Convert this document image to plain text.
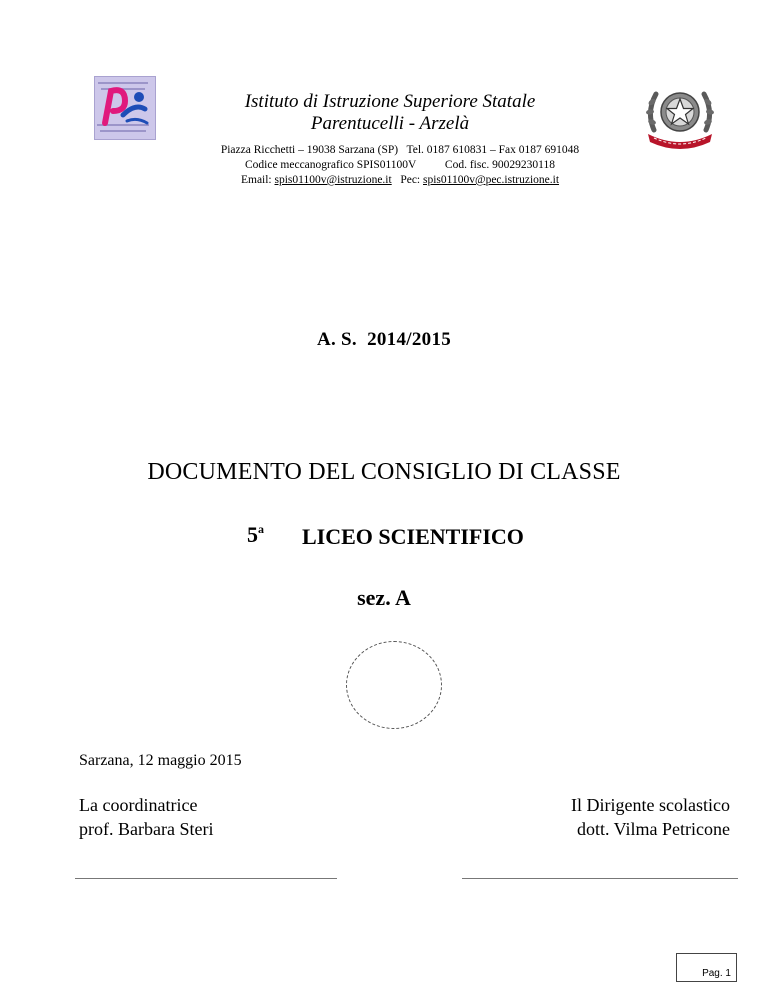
Istituto di Istruzione Superiore Statale
Parentucelli - Arzelà
Piazza Ricchetti – 19038 Sarzana (SP)   Tel. 0187 610831 – Fax 0187 691048
Codice meccanografico SPIS01100V          Cod. fisc. 90029230118
Email: spis01100v@istruzione.it   Pec: spis01100v@pec.istruzione.it
A. S.  2014/2015
DOCUMENTO DEL CONSIGLIO DI CLASSE
5$^a$ LICEO SCIENTIFICO
sez. A
Sarzana, 12 maggio 2015
La coordinatrice
prof. Barbara Steri
Il Dirigente scolastico
dott. Vilma Petricone
Pag. 1
